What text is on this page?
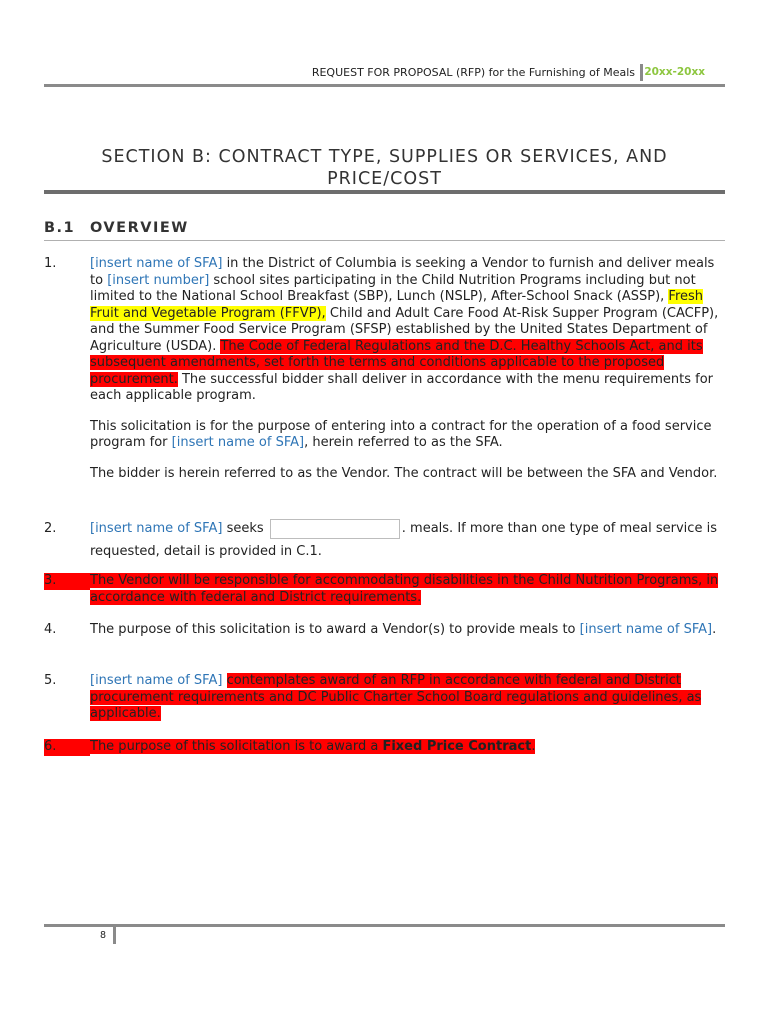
REQUEST FOR PROPOSAL (RFP) for the Furnishing of Meals 20xx-20xx
SECTION B: CONTRACT TYPE, SUPPLIES OR SERVICES, AND
PRICE/COST
B.1 OVERVIEW
1.	[insert name of SFA] in the District of Columbia is seeking a Vendor to furnish and deliver meals to [insert number] school sites participating in the Child Nutrition Programs including but not limited to the National School Breakfast (SBP), Lunch (NSLP), After-School Snack (ASSP), Fresh Fruit and Vegetable Program (FFVP), Child and Adult Care Food At-Risk Supper Program (CACFP), and the Summer Food Service Program (SFSP) established by the United States Department of Agriculture (USDA). The Code of Federal Regulations and the D.C. Healthy Schools Act, and its subsequent amendments, set forth the terms and conditions applicable to the proposed procurement. The successful bidder shall deliver in accordance with the menu requirements for each applicable program.

This solicitation is for the purpose of entering into a contract for the operation of a food service program for [insert name of SFA], herein referred to as the SFA.

The bidder is herein referred to as the Vendor. The contract will be between the SFA and Vendor.

2.	[insert name of SFA] seeks	. meals. If more than one type of meal service is requested, detail is provided in C.1.
3.	The Vendor will be responsible for accommodating disabilities in the Child Nutrition Programs, in accordance with federal and District requirements.
4.	The purpose of this solicitation is to award a Vendor(s) to provide meals to [insert name of SFA].
5.	[insert name of SFA] contemplates award of an RFP in accordance with federal and District procurement requirements and DC Public Charter School Board regulations and guidelines, as applicable.
6.	The purpose of this solicitation is to award a Fixed Price Contract.
8
